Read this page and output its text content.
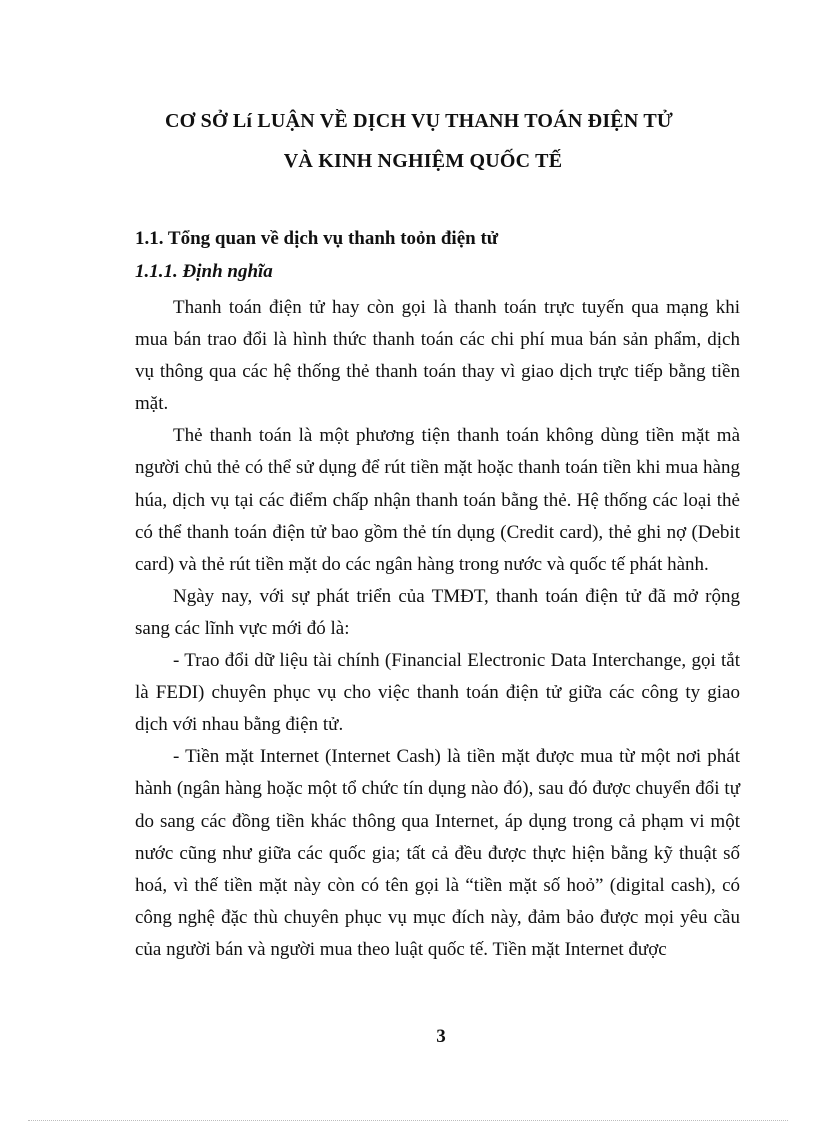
CƠ SỞ Lí LUẬN VỀ DỊCH VỤ THANH TOÁN ĐIỆN TỬ
VÀ KINH NGHIỆM QUỐC TẾ
1.1. Tổng quan về dịch vụ thanh toỏn điện tử
1.1.1. Định nghĩa

Thanh toán điện tử hay còn gọi là thanh toán trực tuyến qua mạng khi mua bán trao đổi là hình thức thanh toán các chi phí mua bán sản phẩm, dịch vụ thông qua các hệ thống thẻ thanh toán thay vì giao dịch trực tiếp bằng tiền mặt.

Thẻ thanh toán là một phương tiện thanh toán không dùng tiền mặt mà người chủ thẻ có thể sử dụng để rút tiền mặt hoặc thanh toán tiền khi mua hàng húa, dịch vụ tại các điểm chấp nhận thanh toán bằng thẻ. Hệ thống các loại thẻ có thể thanh toán điện tử bao gồm thẻ tín dụng (Credit card), thẻ ghi nợ (Debit card) và thẻ rút tiền mặt do các ngân hàng trong nước và quốc tế phát hành.

Ngày nay, với sự phát triển của TMĐT, thanh toán điện tử đã mở rộng sang các lĩnh vực mới đó là:

- Trao đổi dữ liệu tài chính (Financial Electronic Data Interchange, gọi tắt là FEDI) chuyên phục vụ cho việc thanh toán điện tử giữa các công ty giao dịch với nhau bằng điện tử.

- Tiền mặt Internet (Internet Cash) là tiền mặt được mua từ một nơi phát hành (ngân hàng hoặc một tổ chức tín dụng nào đó), sau đó được chuyển đổi tự do sang các đồng tiền khác thông qua Internet, áp dụng trong cả phạm vi một nước cũng như giữa các quốc gia; tất cả đều được thực hiện bằng kỹ thuật số hoá, vì thế tiền mặt này còn có tên gọi là “tiền mặt số hoỏ” (digital cash), có công nghệ đặc thù chuyên phục vụ mục đích này, đảm bảo được mọi yêu cầu của người bán và người mua theo luật quốc tế. Tiền mặt Internet được

3
